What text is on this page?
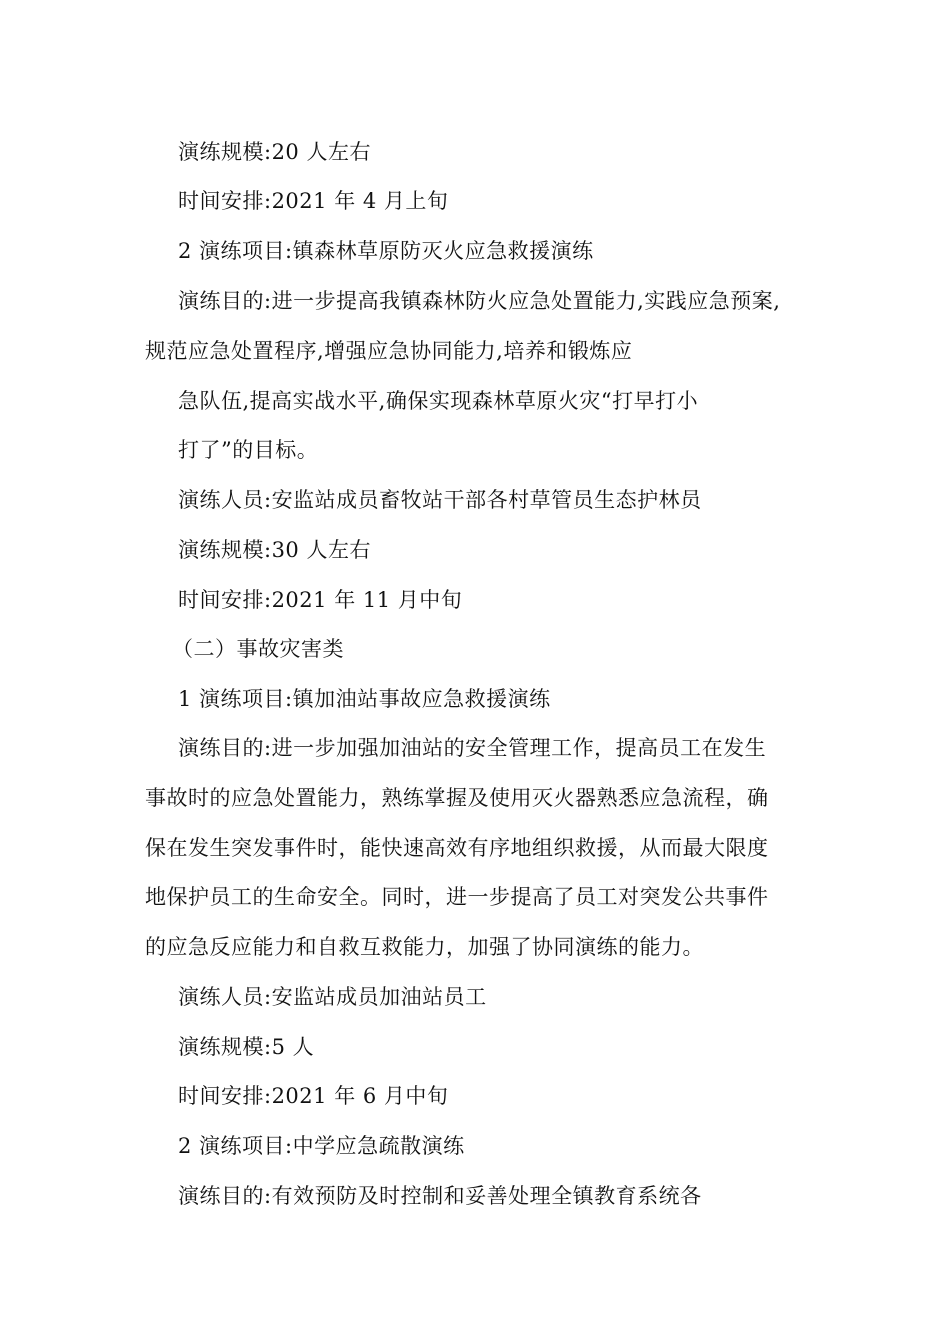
演练规模:20 人左右
时间安排:2021 年 4 月上旬
2 演练项目:镇森林草原防灭火应急救援演练
演练目的:进一步提高我镇森林防火应急处置能力,实践应急预案,
规范应急处置程序,增强应急协同能力,培养和锻炼应
急队伍,提高实战水平,确保实现森林草原火灾“打早打小
打了”的目标。
演练人员:安监站成员畜牧站干部各村草管员生态护林员
演练规模:30 人左右
时间安排:2021 年 11 月中旬
（二）事故灾害类
1 演练项目:镇加油站事故应急救援演练
演练目的:进一步加强加油站的安全管理工作，提高员工在发生
事故时的应急处置能力，熟练掌握及使用灭火器熟悉应急流程，确
保在发生突发事件时，能快速高效有序地组织救援，从而最大限度
地保护员工的生命安全。同时，进一步提高了员工对突发公共事件
的应急反应能力和自救互救能力，加强了协同演练的能力。
演练人员:安监站成员加油站员工
演练规模:5 人
时间安排:2021 年 6 月中旬
2 演练项目:中学应急疏散演练
演练目的:有效预防及时控制和妥善处理全镇教育系统各
